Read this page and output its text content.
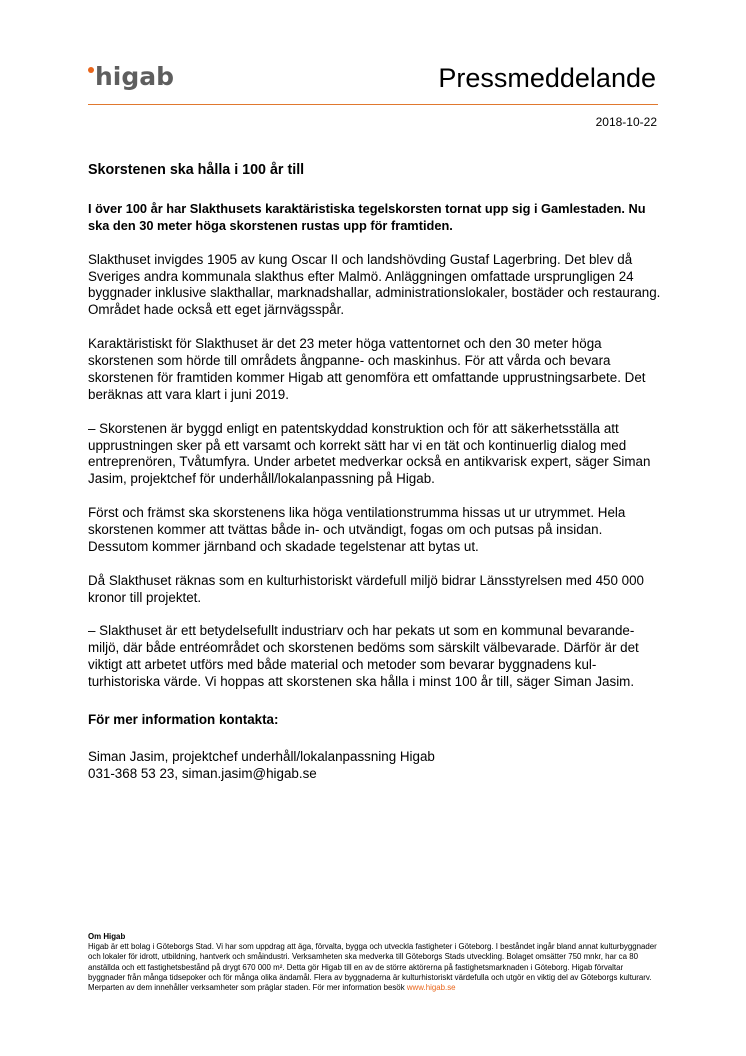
higab	Pressmeddelande
2018-10-22

Skorstenen ska hålla i 100 år till

I över 100 år har Slakthusets karaktäristiska tegelskorsten tornat upp sig i Gamlestaden. Nu ska den 30 meter höga skorstenen rustas upp för framtiden.

Slakthuset invigdes 1905 av kung Oscar II och landshövding Gustaf Lagerbring. Det blev då Sveriges andra kommunala slakthus efter Malmö. Anläggningen omfattade ursprungligen 24 byggnader inklusive slakthallar, marknadshallar, administrationslokaler, bostäder och restaurang. Området hade också ett eget järnvägsspår.

Karaktäristiskt för Slakthuset är det 23 meter höga vattentornet och den 30 meter höga skorstenen som hörde till områdets ångpanne- och maskinhus. För att vårda och bevara skorstenen för framtiden kommer Higab att genomföra ett omfattande upprustningsarbete. Det beräknas att vara klart i juni 2019.

– Skorstenen är byggd enligt en patentskyddad konstruktion och för att säkerhetsställa att upprustningen sker på ett varsamt och korrekt sätt har vi en tät och kontinuerlig dialog med entreprenören, Tvåtumfyra. Under arbetet medverkar också en antikvarisk expert, säger Siman Jasim, projektchef för underhåll/lokalanpassning på Higab.

Först och främst ska skorstenens lika höga ventilationstrumma hissas ut ur utrymmet. Hela skorstenen kommer att tvättas både in- och utvändigt, fogas om och putsas på insidan. Dessutom kommer järnband och skadade tegelstenar att bytas ut.

Då Slakthuset räknas som en kulturhistoriskt värdefull miljö bidrar Länsstyrelsen med 450 000 kronor till projektet.

– Slakthuset är ett betydelsefullt industriarv och har pekats ut som en kommunal bevarande-miljö, där både entréområdet och skorstenen bedöms som särskilt välbevarade. Därför är det viktigt att arbetet utförs med både material och metoder som bevarar byggnadens kul-turhistoriska värde. Vi hoppas att skorstenen ska hålla i minst 100 år till, säger Siman Jasim.

För mer information kontakta:

Siman Jasim, projektchef underhåll/lokalanpassning Higab
031-368 53 23, siman.jasim@higab.se
Om Higab
Higab är ett bolag i Göteborgs Stad. Vi har som uppdrag att äga, förvalta, bygga och utveckla fastigheter i Göteborg. I beståndet ingår bland annat kulturbyggnader och lokaler för idrott, utbildning, hantverk och småindustri. Verksamheten ska medverka till Göteborgs Stads utveckling. Bolaget omsätter 750 mnkr, har ca 80 anställda och ett fastighetsbestånd på drygt 670 000 m². Detta gör Higab till en av de större aktörerna på fastighetsmarknaden i Göteborg. Higab förvaltar byggnader från många tidsepoker och för många olika ändamål. Flera av byggnaderna är kulturhistoriskt värdefulla och utgör en viktig del av Göteborgs kulturarv. Merparten av dem innehåller verksamheter som präglar staden. För mer information besök www.higab.se
